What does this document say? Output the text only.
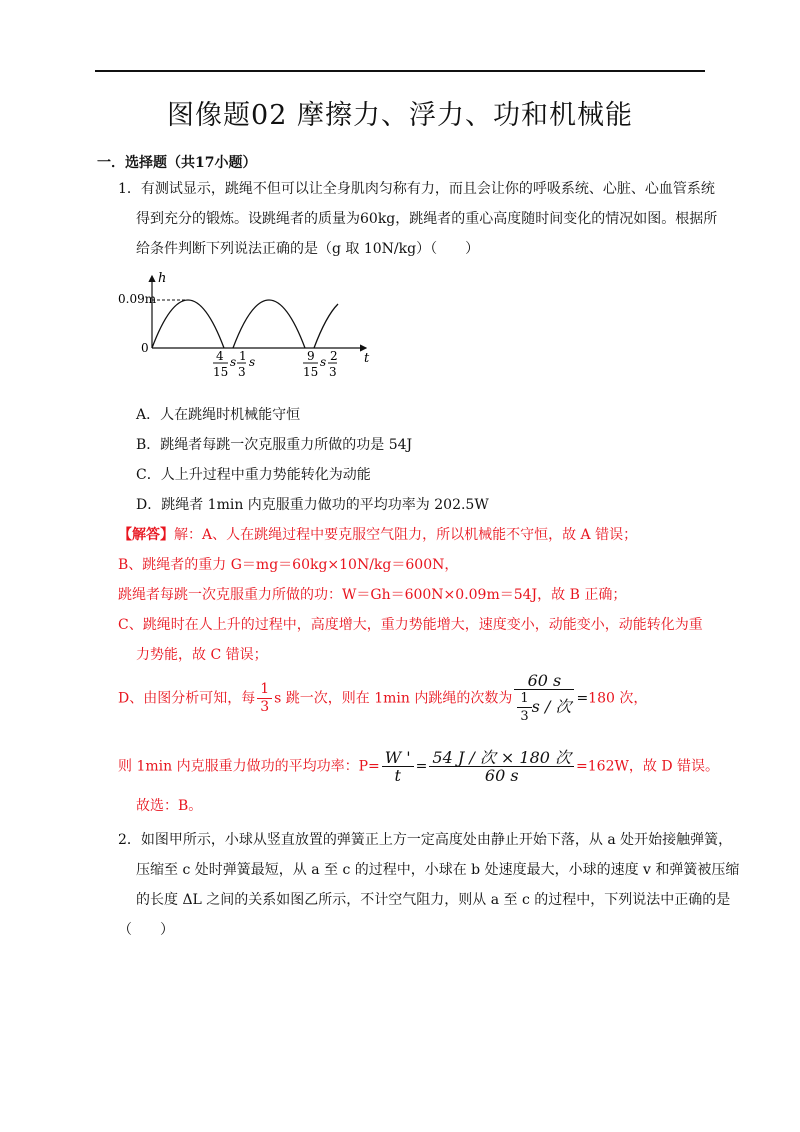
图像题02 摩擦力、浮力、功和机械能
一．选择题（共17小题）
1．有测试显示，跳绳不但可以让全身肌肉匀称有力，而且会让你的呼吸系统、心脏、心血管系统
得到充分的锻炼。设跳绳者的质量为60kg，跳绳者的重心高度随时间变化的情况如图。根据所
给条件判断下列说法正确的是（g 取 10N/kg）（　　）
h
t
0
0.09m
4
15
s 1
3
s	9
15
s 2
3
A．人在跳绳时机械能守恒
B．跳绳者每跳一次克服重力所做的功是 54J
C．人上升过程中重力势能转化为动能
D．跳绳者 1min 内克服重力做功的平均功率为 202.5W
【解答】解：A、人在跳绳过程中要克服空气阻力，所以机械能不守恒，故 A 错误；
B、跳绳者的重力 G＝mg＝60kg×10N/kg＝600N，
跳绳者每跳一次克服重力所做的功：W＝Gh＝600N×0.09m＝54J，故 B 正确；
C、跳绳时在人上升的过程中，高度增大，重力势能增大，速度变小，动能变小，动能转化为重
力势能，故 C 错误；
D、由图分析可知，每 $\frac{1}{3}$ s 跳一次，则在 1min 内跳绳的次数为 $\frac{60 s}{\frac{1}{3} s / 次} =180$ 次，
则 1min 内克服重力做功的平均功率：$P= \frac{W '}{t} = \frac{\text{54 J / 次 × 180 次}}{60 s} =162W$，故 D 错误。
故选：B。
2．如图甲所示，小球从竖直放置的弹簧正上方一定高度处由静止开始下落，从 a 处开始接触弹簧，
压缩至 c 处时弹簧最短，从 a 至 c 的过程中，小球在 b 处速度最大，小球的速度 v 和弹簧被压缩
的长度 ΔL 之间的关系如图乙所示，不计空气阻力，则从 a 至 c 的过程中，下列说法中正确的是
（　　）
